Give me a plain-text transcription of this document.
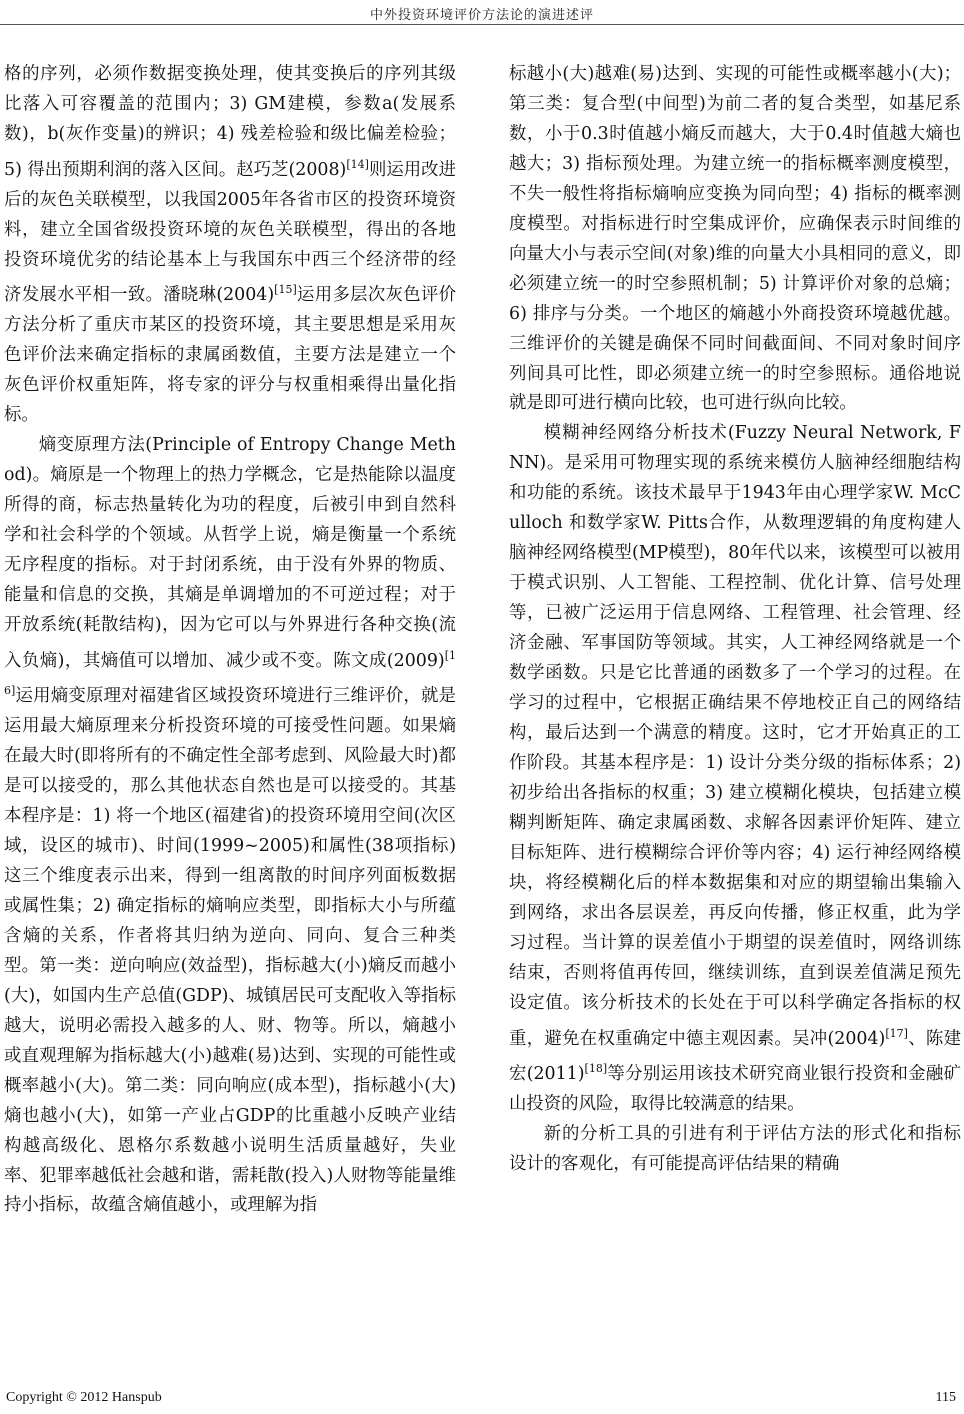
中外投资环境评价方法论的演进述评

格的序列，必须作数据变换处理，使其变换后的序列其级比落入可容覆盖的范围内；3) GM建模，参数a(发展系数)，b(灰作变量)的辨识；4) 残差检验和级比偏差检验；5) 得出预期利润的落入区间。赵巧芝(2008)[14]则运用改进后的灰色关联模型，以我国2005年各省市区的投资环境资料，建立全国省级投资环境的灰色关联模型，得出的各地投资环境优劣的结论基本上与我国东中西三个经济带的经济发展水平相一致。潘晓琳(2004)[15]运用多层次灰色评价方法分析了重庆市某区的投资环境，其主要思想是采用灰色评价法来确定指标的隶属函数值，主要方法是建立一个灰色评价权重矩阵，将专家的评分与权重相乘得出量化指标。

熵变原理方法(Principle of Entropy Change Method)。熵原是一个物理上的热力学概念，它是热能除以温度所得的商，标志热量转化为功的程度，后被引申到自然科学和社会科学的个领域。从哲学上说，熵是衡量一个系统无序程度的指标。对于封闭系统，由于没有外界的物质、能量和信息的交换，其熵是单调增加的不可逆过程；对于开放系统(耗散结构)，因为它可以与外界进行各种交换(流入负熵)，其熵值可以增加、减少或不变。陈文成(2009)[16]运用熵变原理对福建省区域投资环境进行三维评价，就是运用最大熵原理来分析投资环境的可接受性问题。如果熵在最大时(即将所有的不确定性全部考虑到、风险最大时)都是可以接受的，那么其他状态自然也是可以接受的。其基本程序是：1) 将一个地区(福建省)的投资环境用空间(次区域，设区的城市)、时间(1999~2005)和属性(38项指标)这三个维度表示出来，得到一组离散的时间序列面板数据或属性集；2) 确定指标的熵响应类型，即指标大小与所蕴含熵的关系，作者将其归纳为逆向、同向、复合三种类型。第一类：逆向响应(效益型)，指标越大(小)熵反而越小(大)，如国内生产总值(GDP)、城镇居民可支配收入等指标越大，说明必需投入越多的人、财、物等。所以，熵越小或直观理解为指标越大(小)越难(易)达到、实现的可能性或概率越小(大)。第二类：同向响应(成本型)，指标越小(大)熵也越小(大)，如第一产业占GDP的比重越小反映产业结构越高级化、恩格尔系数越小说明生活质量越好，失业率、犯罪率越低社会越和谐，需耗散(投入)人财物等能量维持小指标，故蕴含熵值越小，或理解为指

标越小(大)越难(易)达到、实现的可能性或概率越小(大)；第三类：复合型(中间型)为前二者的复合类型，如基尼系数，小于0.3时值越小熵反而越大，大于0.4时值越大熵也越大；3) 指标预处理。为建立统一的指标概率测度模型，不失一般性将指标熵响应变换为同向型；4) 指标的概率测度模型。对指标进行时空集成评价，应确保表示时间维的向量大小与表示空间(对象)维的向量大小具相同的意义，即必须建立统一的时空参照机制；5) 计算评价对象的总熵；6) 排序与分类。一个地区的熵越小外商投资环境越优越。三维评价的关键是确保不同时间截面间、不同对象时间序列间具可比性，即必须建立统一的时空参照标。通俗地说就是即可进行横向比较，也可进行纵向比较。

模糊神经网络分析技术(Fuzzy Neural Network, FNN)。是采用可物理实现的系统来模仿人脑神经细胞结构和功能的系统。该技术最早于1943年由心理学家W. McCulloch 和数学家W. Pitts合作，从数理逻辑的角度构建人脑神经网络模型(MP模型)，80年代以来，该模型可以被用于模式识别、人工智能、工程控制、优化计算、信号处理等，已被广泛运用于信息网络、工程管理、社会管理、经济金融、军事国防等领域。其实，人工神经网络就是一个数学函数。只是它比普通的函数多了一个学习的过程。在学习的过程中，它根据正确结果不停地校正自己的网络结构，最后达到一个满意的精度。这时，它才开始真正的工作阶段。其基本程序是：1) 设计分类分级的指标体系；2) 初步给出各指标的权重；3) 建立模糊化模块，包括建立模糊判断矩阵、确定隶属函数、求解各因素评价矩阵、建立目标矩阵、进行模糊综合评价等内容；4) 运行神经网络模块，将经模糊化后的样本数据集和对应的期望输出集输入到网络，求出各层误差，再反向传播，修正权重，此为学习过程。当计算的误差值小于期望的误差值时，网络训练结束，否则将值再传回，继续训练，直到误差值满足预先设定值。该分析技术的长处在于可以科学确定各指标的权重，避免在权重确定中德主观因素。吴冲(2004)[17]、陈建宏(2011)[18]等分别运用该技术研究商业银行投资和金融矿山投资的风险，取得比较满意的结果。

新的分析工具的引进有利于评估方法的形式化和指标设计的客观化，有可能提高评估结果的精确

Copyright © 2012 Hanspub	115
